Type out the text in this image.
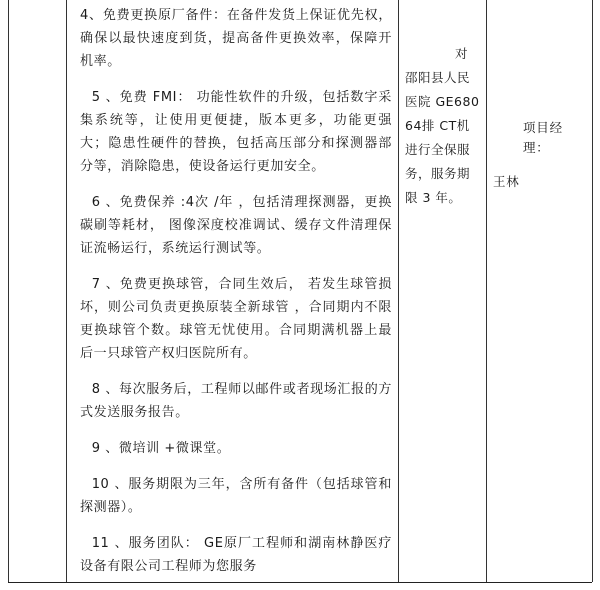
4、免费更换原厂备件：在备件发货上保证优先权，确保以最快速度到货，提高备件更换效率，保障开机率。

5 、免费 FMI： 功能性软件的升级，包括数字采集系统等，让使用更便捷，版本更多，功能更强大；隐患性硬件的替换，包括高压部分和探测器部分等，消除隐患，使设备运行更加安全。

6 、免费保养 :4次 /年 ，包括清理探测器，更换碳刷等耗材， 图像深度校准调试、缓存文件清理保证流畅运行，系统运行测试等。

7 、免费更换球管，合同生效后， 若发生球管损坏，则公司负责更换原装全新球管 ，合同期内不限更换球管个数。球管无忧使用。合同期满机器上最后一只球管产权归医院所有。

8 、每次服务后，工程师以邮件或者现场汇报的方式发送服务报告。

9 、微培训 +微课堂。

10 、服务期限为三年，含所有备件（包括球管和探测器）。

11 、服务团队： GE原厂工程师和湖南林静医疗设备有限公司工程师为您服务

对邵阳县人民医院 GE680 64排 CT机进行全保服务，服务期限 3 年。

项目经理：

王林
